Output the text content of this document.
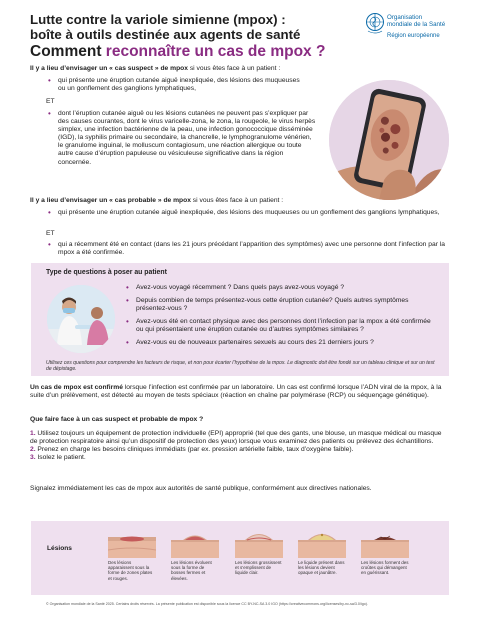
Lutte contre la variole simienne (mpox) :
boîte à outils destinée aux agents de santé
Comment reconnaître un cas de mpox ?
Organisation
mondiale de la Santé
Région européenne
Il y a lieu d’envisager un « cas suspect » de mpox si vous êtes face à un patient :
• qui présente une éruption cutanée aiguë inexpliquée, des lésions des muqueuses ou un gonflement des ganglions lymphatiques,
ET
• dont l’éruption cutanée aiguë ou les lésions cutanées ne peuvent pas s’expliquer par des causes courantes, dont le virus varicelle-zona, le zona, la rougeole, le virus herpès simplex, une infection bactérienne de la peau, une infection gonococcique disséminée (IGD), la syphilis primaire ou secondaire, la chancrelle, le lymphogranulome vénérien, le granulome inguinal, le molluscum contagiosum, une réaction allergique ou toute autre cause d’éruption papuleuse ou vésiculeuse significative dans la région concernée.
Il y a lieu d’envisager un « cas probable » de mpox si vous êtes face à un patient :
• qui présente une éruption cutanée aiguë inexpliquée, des lésions des muqueuses ou un gonflement des ganglions lymphatiques,
ET
• qui a récemment été en contact (dans les 21 jours précédant l’apparition des symptômes) avec une personne dont l’infection par la mpox a été confirmée.
Type de questions à poser au patient
• Avez-vous voyagé récemment ? Dans quels pays avez-vous voyagé ?
• Depuis combien de temps présentez-vous cette éruption cutanée? Quels autres symptômes présentez-vous ?
• Avez-vous été en contact physique avec des personnes dont l’infection par la mpox a été confirmée ou qui présentaient une éruption cutanée ou d’autres symptômes similaires ?
• Avez-vous eu de nouveaux partenaires sexuels au cours des 21 derniers jours ?
Utilisez ces questions pour comprendre les facteurs de risque, et non pour écarter l’hypothèse de la mpox. Le diagnostic doit être fondé sur un tableau clinique et sur un test de dépistage.
Un cas de mpox est confirmé lorsque l’infection est confirmée par un laboratoire. Un cas est confirmé lorsque l’ADN viral de la mpox, à la suite d’un prélèvement, est détecté au moyen de tests spéciaux (réaction en chaîne par polymérase (RCP) ou séquençage génétique).
Que faire face à un cas suspect et probable de mpox ?
1. Utilisez toujours un équipement de protection individuelle (EPI) approprié (tel que des gants, une blouse, un masque médical ou masque de protection respiratoire ainsi qu’un dispositif de protection des yeux) lorsque vous examinez des patients ou prélevez des échantillons.
2. Prenez en charge les besoins cliniques immédiats (par ex. pression artérielle faible, taux d’oxygène faible).
3. Isolez le patient.
Signalez immédiatement les cas de mpox aux autorités de santé publique, conformément aux directives nationales.
Lésions
Des lésions apparaissent sous la forme de zones plates et rouges.
Les lésions évoluent sous la forme de bosses fermes et élevées.
Les lésions grossissent et s’emplissent de liquide clair.
Le liquide présent dans les lésions devient opaque et jaunâtre.
Les lésions forment des croûtes qui démangent en guérissant.
© Organisation mondiale de la Santé 2025. Certains droits réservés. La présente publication est disponible sous la licence CC BY-NC-SA 3.0 IGO (https://creativecommons.org/licenses/by-nc-sa/3.0/igo).
